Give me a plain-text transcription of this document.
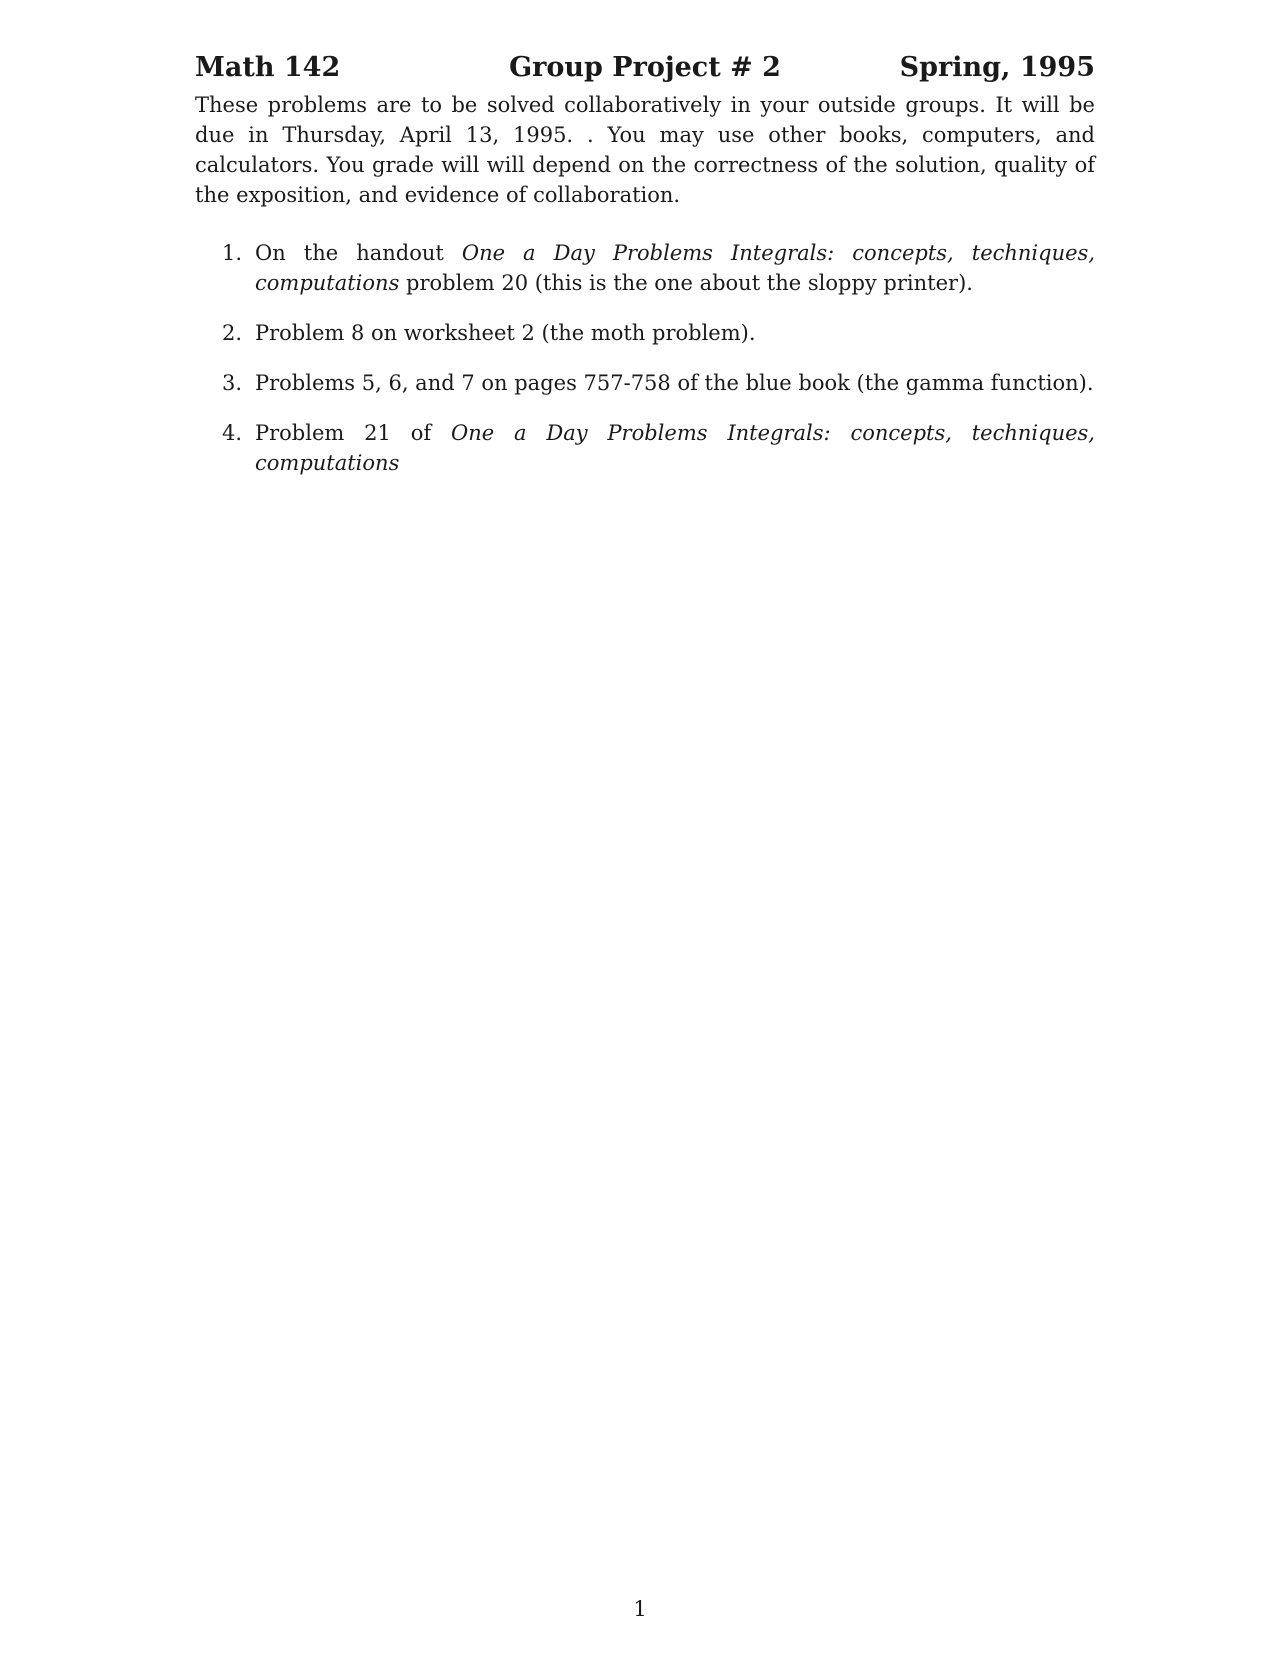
Math 142	Group Project # 2	Spring, 1995

These problems are to be solved collaboratively in your outside groups. It will be due in Thursday, April 13, 1995. . You may use other books, computers, and calculators. You grade will will depend on the correctness of the solution, quality of the exposition, and evidence of collaboration.

1. On the handout One a Day Problems Integrals: concepts, techniques, computations problem 20 (this is the one about the sloppy printer).
2. Problem 8 on worksheet 2 (the moth problem).
3. Problems 5, 6, and 7 on pages 757-758 of the blue book (the gamma function).
4. Problem 21 of One a Day Problems Integrals: concepts, techniques, computations
1
